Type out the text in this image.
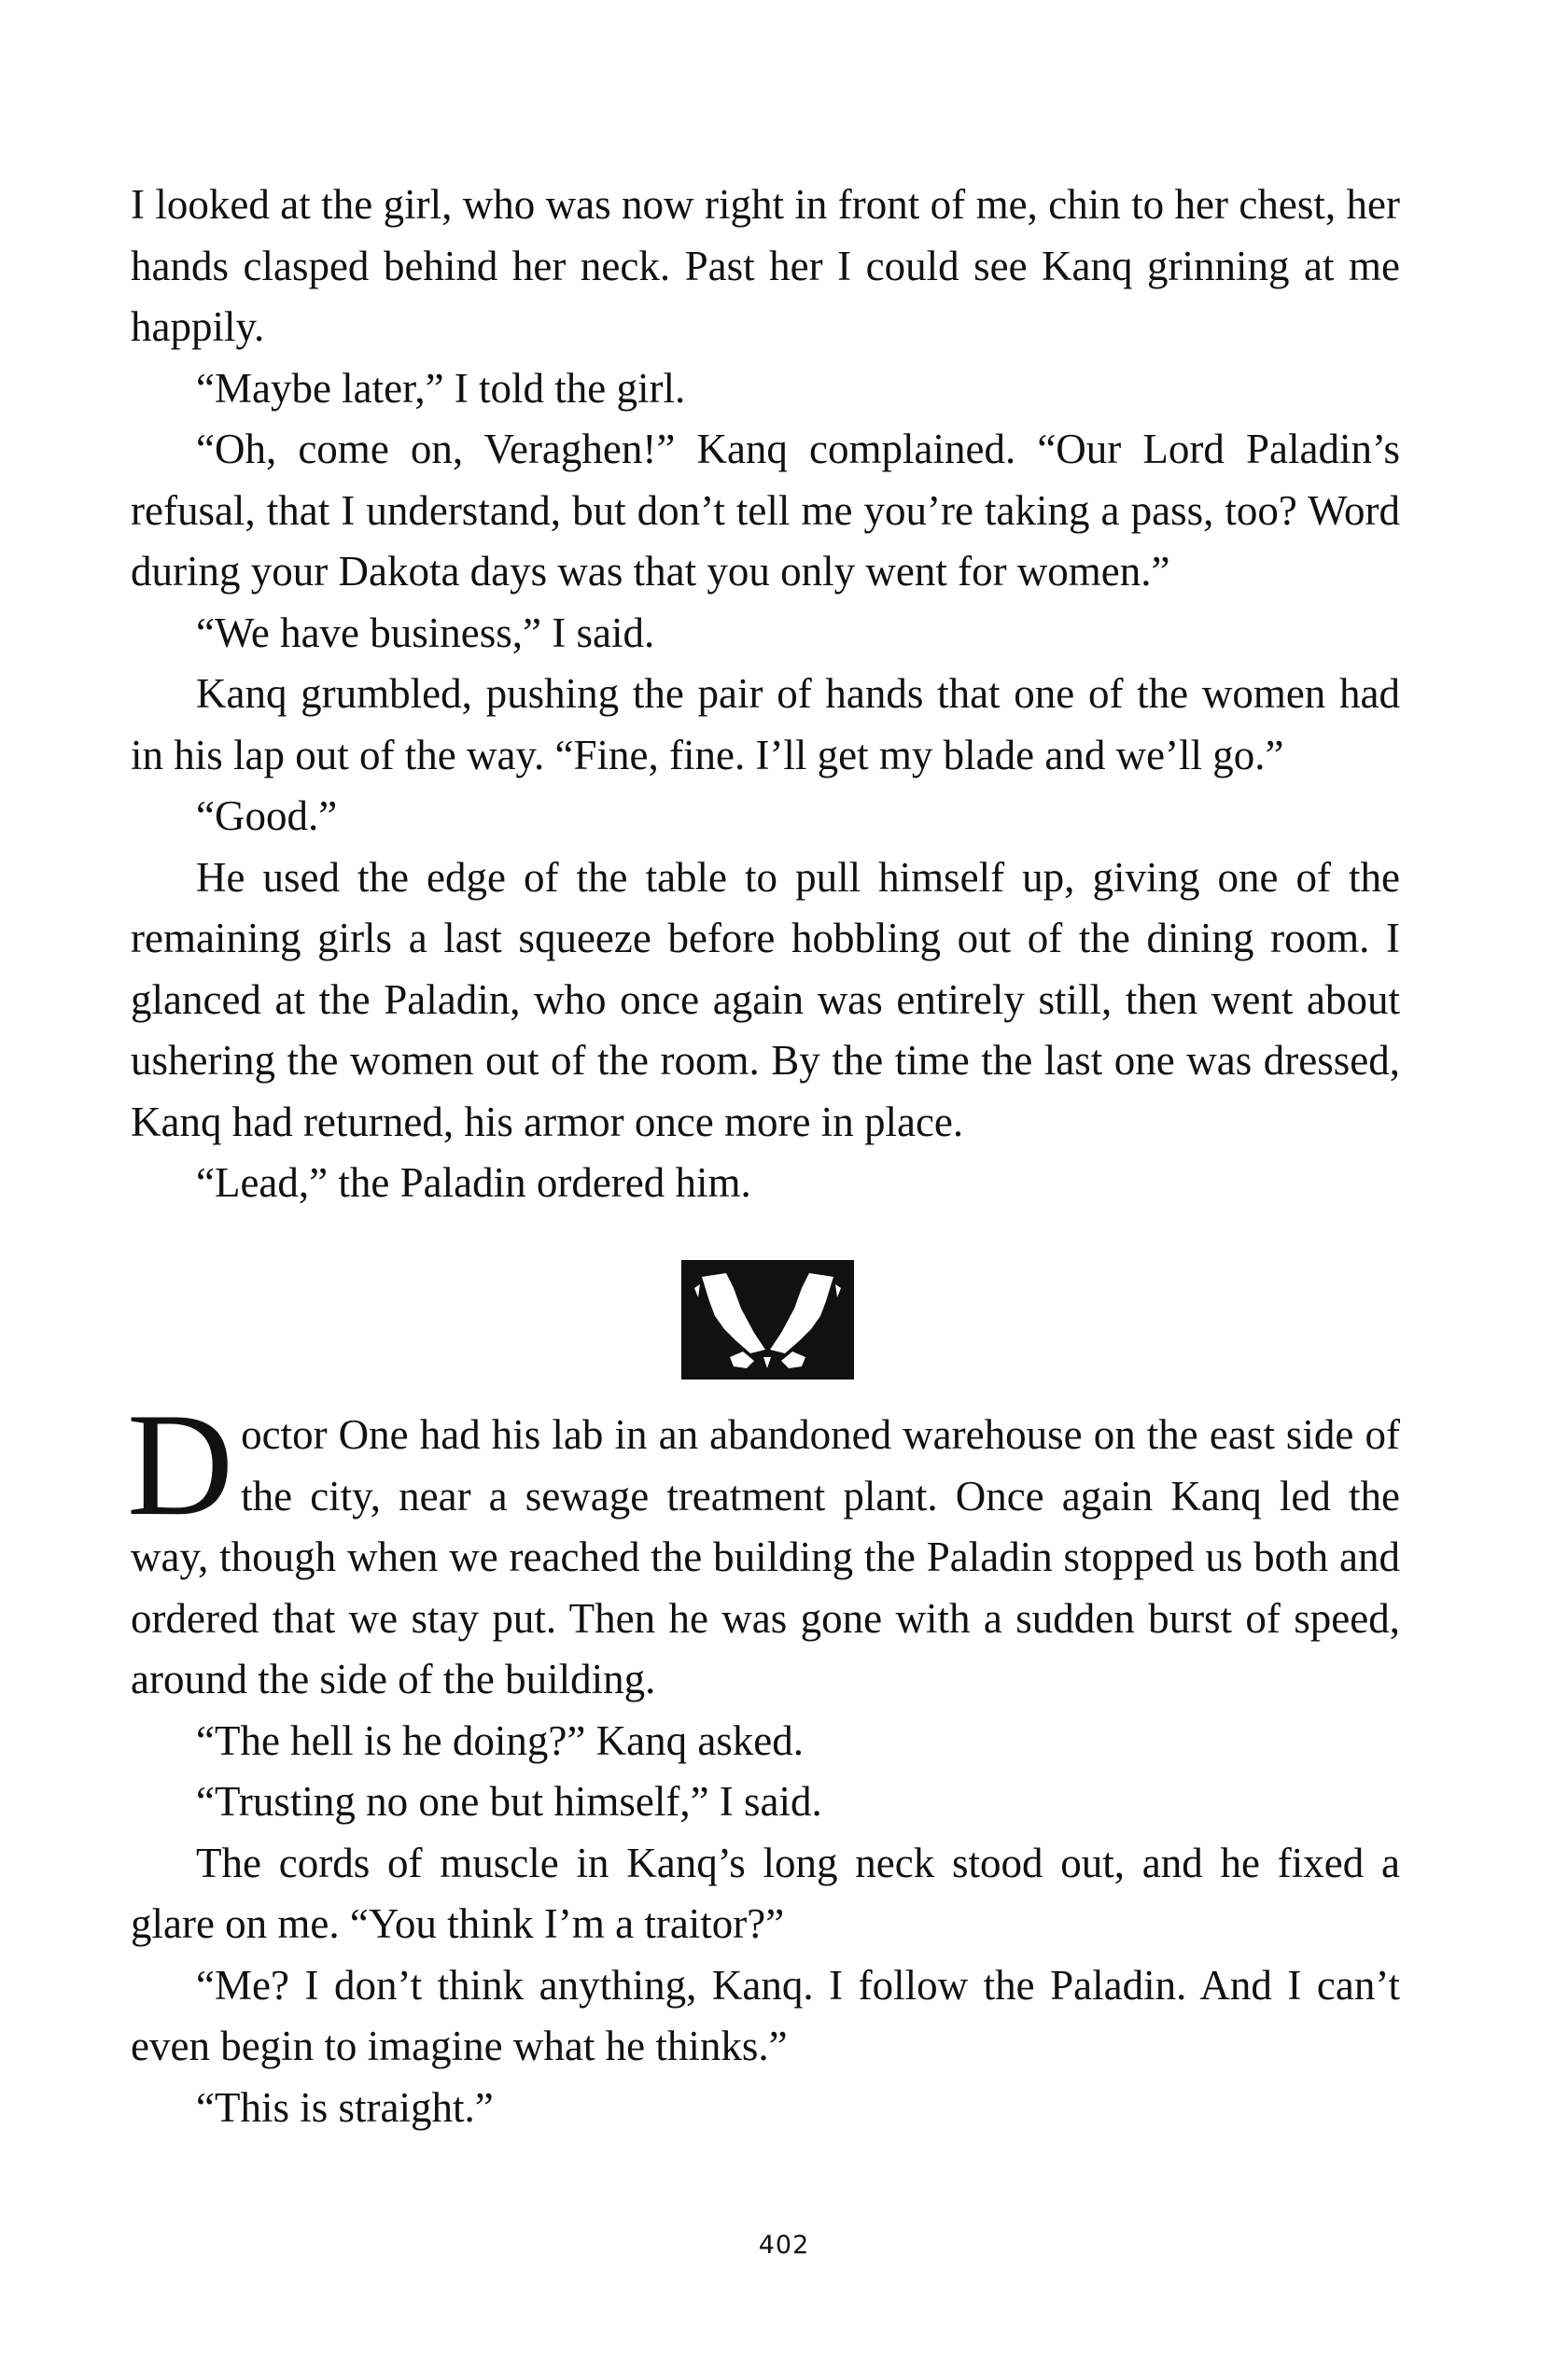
I looked at the girl, who was now right in front of me, chin to her chest, her hands clasped behind her neck. Past her I could see Kanq grinning at me happily.

“Maybe later,” I told the girl.

“Oh, come on, Veraghen!” Kanq complained. “Our Lord Paladin’s refusal, that I understand, but don’t tell me you’re taking a pass, too? Word during your Dakota days was that you only went for women.”

“We have business,” I said.

Kanq grumbled, pushing the pair of hands that one of the women had in his lap out of the way. “Fine, fine. I’ll get my blade and we’ll go.”

“Good.”

He used the edge of the table to pull himself up, giving one of the remaining girls a last squeeze before hobbling out of the dining room. I glanced at the Paladin, who once again was entirely still, then went about ushering the women out of the room. By the time the last one was dressed, Kanq had returned, his armor once more in place.

“Lead,” the Paladin ordered him.

Doctor One had his lab in an abandoned warehouse on the east side of the city, near a sewage treatment plant. Once again Kanq led the way, though when we reached the building the Paladin stopped us both and ordered that we stay put. Then he was gone with a sudden burst of speed, around the side of the building.

“The hell is he doing?” Kanq asked.

“Trusting no one but himself,” I said.

The cords of muscle in Kanq’s long neck stood out, and he fixed a glare on me. “You think I’m a traitor?”

“Me? I don’t think anything, Kanq. I follow the Paladin. And I can’t even begin to imagine what he thinks.”

“This is straight.”

402
